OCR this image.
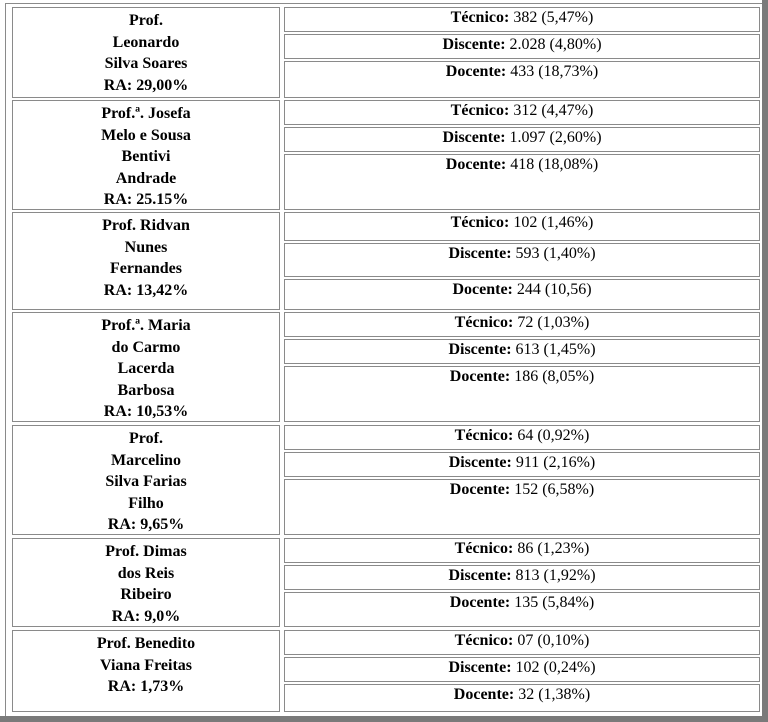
Prof.
Leonardo
Silva Soares
RA: 29,00%
Técnico: 382 (5,47%)
Discente: 2.028 (4,80%)
Docente: 433 (18,73%)
Prof.ª. Josefa
Melo e Sousa
Bentivi
Andrade
RA: 25.15%
Técnico: 312 (4,47%)
Discente: 1.097 (2,60%)
Docente: 418 (18,08%)
Prof. Ridvan
Nunes
Fernandes
RA: 13,42%
Técnico: 102 (1,46%)
Discente: 593 (1,40%)
Docente: 244 (10,56)
Prof.ª. Maria
do Carmo
Lacerda
Barbosa
RA: 10,53%
Técnico: 72 (1,03%)
Discente: 613 (1,45%)
Docente: 186 (8,05%)
Prof.
Marcelino
Silva Farias
Filho
RA: 9,65%
Técnico: 64 (0,92%)
Discente: 911 (2,16%)
Docente: 152 (6,58%)
Prof. Dimas
dos Reis
Ribeiro
RA: 9,0%
Técnico: 86 (1,23%)
Discente: 813 (1,92%)
Docente: 135 (5,84%)
Prof. Benedito
Viana Freitas
RA: 1,73%
Técnico: 07 (0,10%)
Discente: 102 (0,24%)
Docente: 32 (1,38%)
